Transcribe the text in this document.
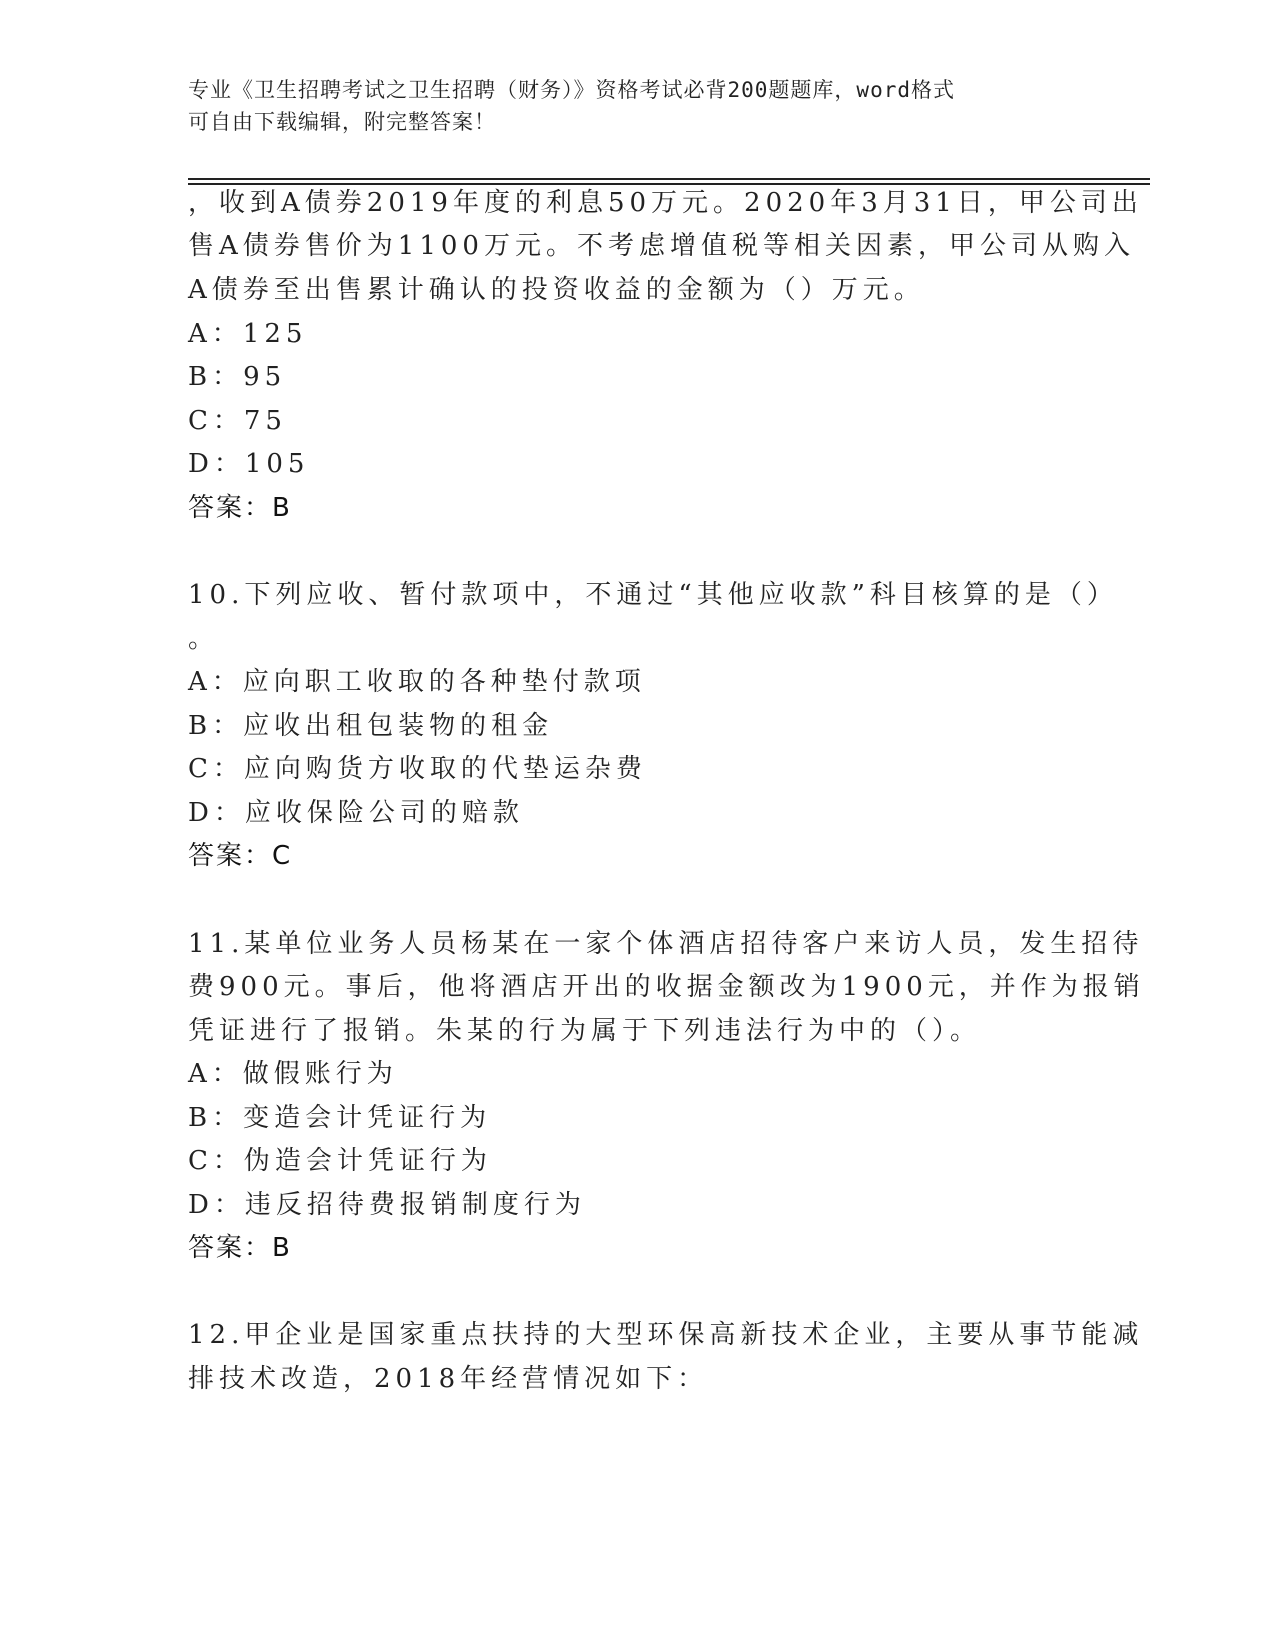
专业《卫生招聘考试之卫生招聘（财务）》资格考试必背200题题库，word格式
可自由下载编辑，附完整答案！
，收到A债券2019年度的利息50万元。2020年3月31日，甲公司出
售A债券售价为1100万元。不考虑增值税等相关因素，甲公司从购入
A债券至出售累计确认的投资收益的金额为（）万元。
A：125
B：95
C：75
D：105
答案：B
10.下列应收、暂付款项中，不通过“其他应收款”科目核算的是（）
。
A：应向职工收取的各种垫付款项
B：应收出租包装物的租金
C：应向购货方收取的代垫运杂费
D：应收保险公司的赔款
答案：C
11.某单位业务人员杨某在一家个体酒店招待客户来访人员，发生招待
费900元。事后，他将酒店开出的收据金额改为1900元，并作为报销
凭证进行了报销。朱某的行为属于下列违法行为中的（）。
A：做假账行为
B：变造会计凭证行为
C：伪造会计凭证行为
D：违反招待费报销制度行为
答案：B
12.甲企业是国家重点扶持的大型环保高新技术企业，主要从事节能减
排技术改造，2018年经营情况如下：
